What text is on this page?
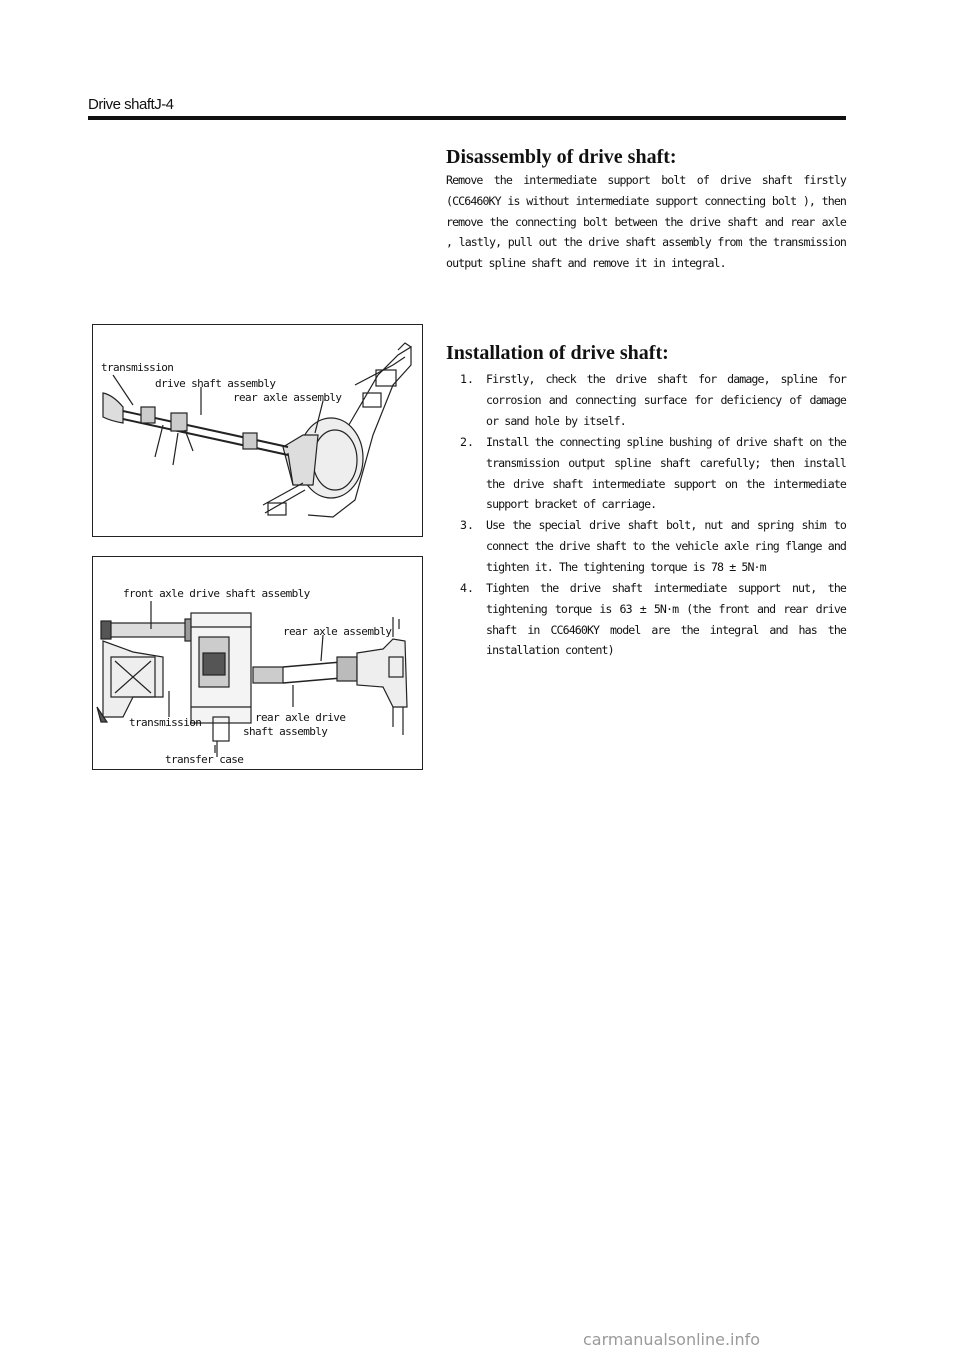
Drive shaftJ-4
Disassembly of drive shaft:
Remove the intermediate support bolt of drive shaft firstly (CC6460KY is without intermediate support connecting bolt ), then remove the connecting bolt between the drive shaft and rear axle , lastly, pull out the drive shaft assembly from the transmission output spline shaft and remove it in integral.
Installation of drive shaft:
1.	Firstly, check the drive shaft for damage, spline for corrosion and connecting surface for deficiency of damage or sand hole by itself.
2.	Install the connecting spline bushing of drive shaft on the transmission output spline shaft carefully; then install the drive shaft intermediate support on the intermediate support bracket of carriage.
3.	Use the special drive shaft bolt, nut and spring shim to connect the drive shaft to the vehicle axle ring flange and tighten it. The tightening torque is 78 ± 5N·m
4.	Tighten the drive shaft intermediate support nut, the tightening torque is 63 ± 5N·m (the front and rear drive shaft in CC6460KY model are the integral and has the installation content)
transmission
drive shaft assembly
rear axle assembly
front axle drive shaft assembly
rear axle assembly
transmission	rear axle drive
shaft assembly
transfer case
carmanualsonline.info
